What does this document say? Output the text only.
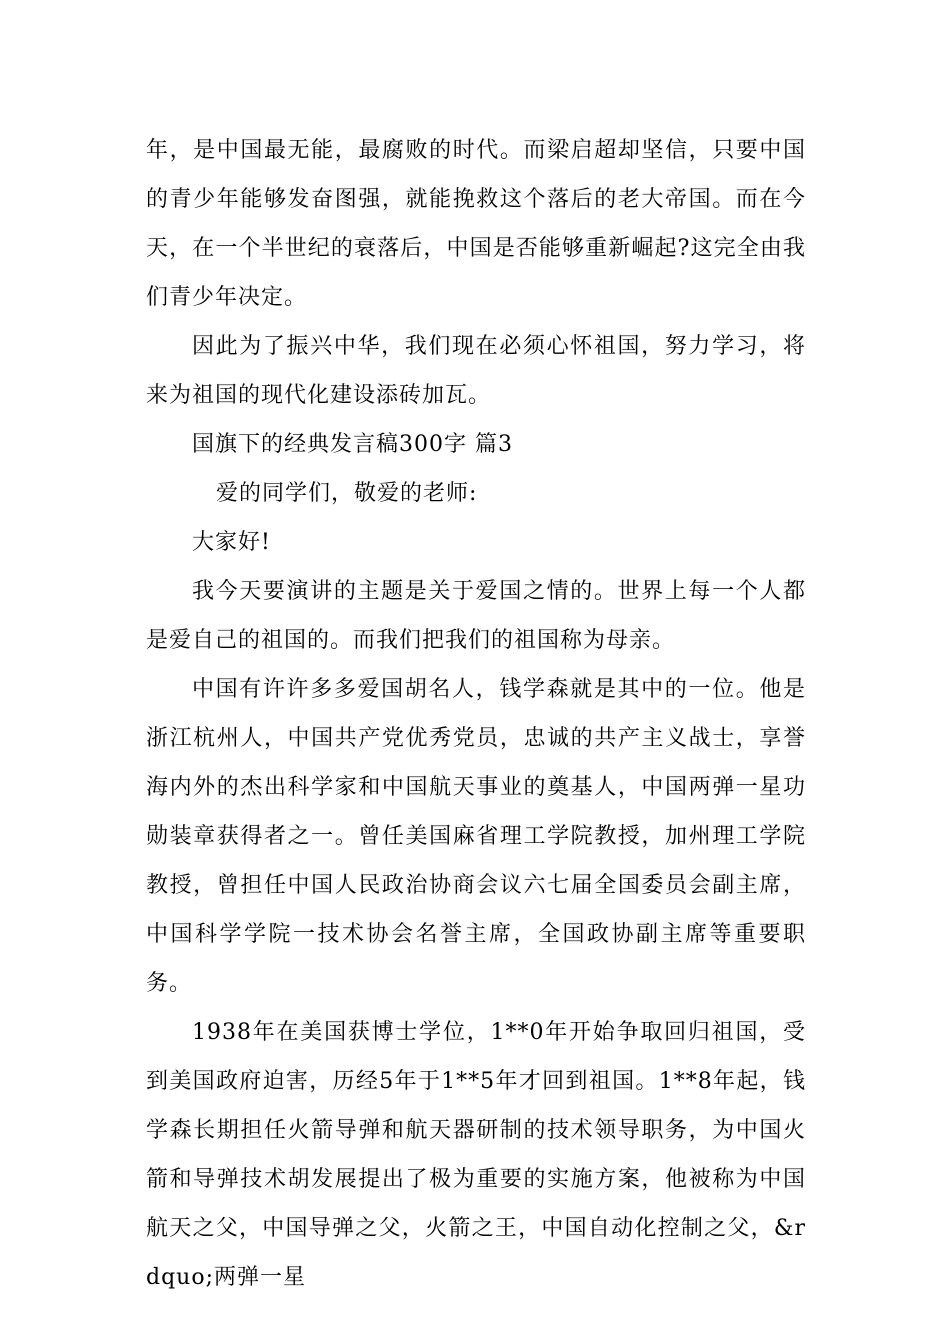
年，是中国最无能，最腐败的时代。而梁启超却坚信，只要中国的青少年能够发奋图强，就能挽救这个落后的老大帝国。而在今天，在一个半世纪的衰落后，中国是否能够重新崛起?这完全由我们青少年决定。

因此为了振兴中华，我们现在必须心怀祖国，努力学习，将来为祖国的现代化建设添砖加瓦。

国旗下的经典发言稿300字 篇3

爱的同学们，敬爱的老师:

大家好!

我今天要演讲的主题是关于爱国之情的。世界上每一个人都是爱自己的祖国的。而我们把我们的祖国称为母亲。

中国有许许多多爱国胡名人，钱学森就是其中的一位。他是浙江杭州人，中国共产党优秀党员，忠诚的共产主义战士，享誉海内外的杰出科学家和中国航天事业的奠基人，中国两弹一星功勋装章获得者之一。曾任美国麻省理工学院教授，加州理工学院教授，曾担任中国人民政治协商会议六七届全国委员会副主席，中国科学学院一技术协会名誉主席，全国政协副主席等重要职务。

1938年在美国获博士学位，1**0年开始争取回归祖国，受到美国政府迫害，历经5年于1**5年才回到祖国。1**8年起，钱学森长期担任火箭导弹和航天器研制的技术领导职务，为中国火箭和导弹技术胡发展提出了极为重要的实施方案，他被称为中国航天之父，中国导弹之父，火箭之王，中国自动化控制之父，&rdquo;两弹一星
